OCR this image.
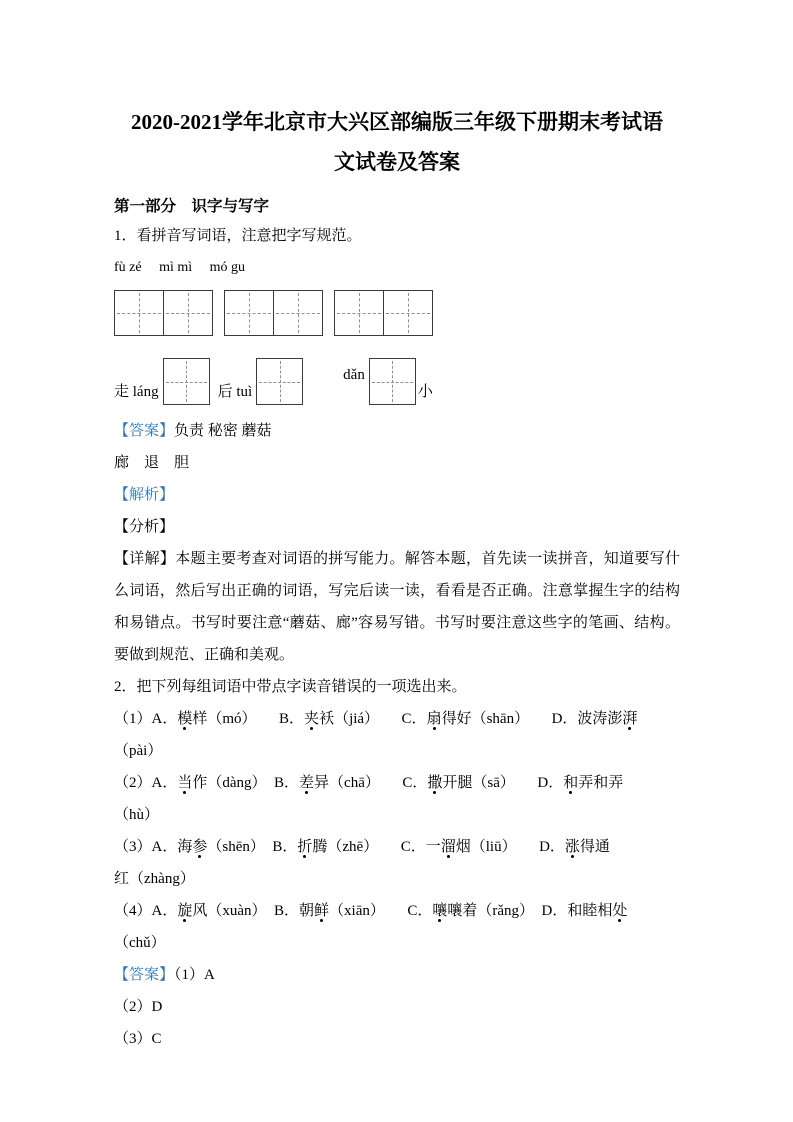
2020-2021学年北京市大兴区部编版三年级下册期末考试语
文试卷及答案

第一部分　识字与写字

1．看拼音写词语，注意把字写规范。

fù zé　 mì mì　 mó gu

走 láng	后 tuì
dǎn
小

【答案】负责 秘密 蘑菇

廊　退　胆

【解析】

【分析】

【详解】本题主要考查对词语的拼写能力。解答本题，首先读一读拼音，知道要写什么词语，然后写出正确的词语，写完后读一读，看看是否正确。注意掌握生字的结构和易错点。书写时要注意“蘑菇、廊”容易写错。书写时要注意这些字的笔画、结构。要做到规范、正确和美观。

2．把下列每组词语中带点字读音错误的一项选出来。

（1）A．模样（mó）　　B．夹袄（jiá）　　C．扇得好（shān）　　D．波涛澎湃

（pài）

（2）A．当作（dàng）　B．差异（chā）　　C．撒开腿（sā）　　D．和弄和弄

（hù）

（3）A．海参（shēn）　B．折腾（zhē）　　C．一溜烟（liū）　　D．涨得通

红（zhàng）

（4）A．旋风（xuàn）　B．朝鲜（xiān）　　C．嚷嚷着（rǎng）　D．和睦相处

（chǔ）

【答案】（1）A

（2）D

（3）C
